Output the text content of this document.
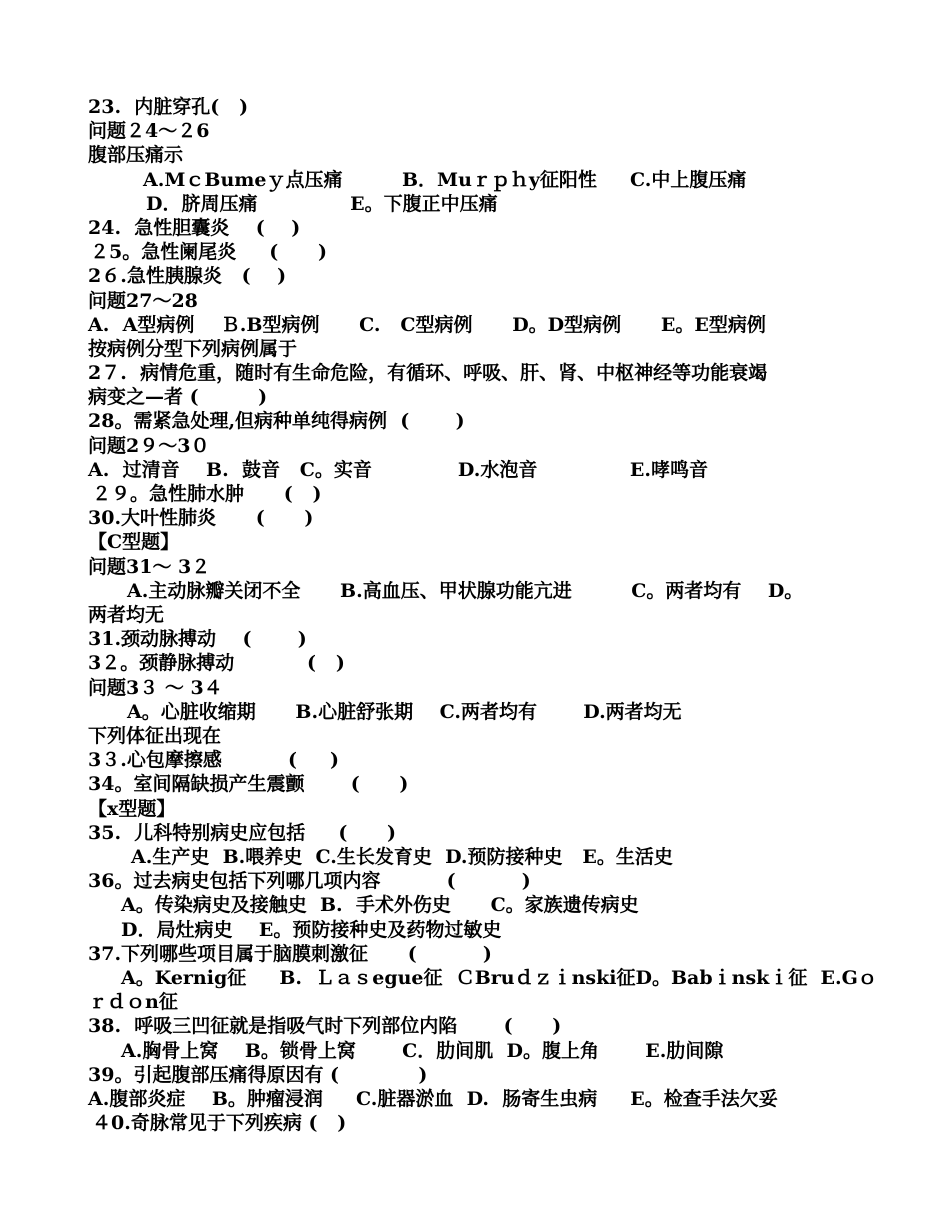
23.  内脏穿孔(   )
问题２4～２6
腹部压痛示
A.MｃBumeｙ点压痛         B．Muｒｐｈy征阳性     C.中上腹压痛
D．脐周压痛              E。下腹正中压痛
24.  急性胆囊炎    (    )
２5。急性阑尾炎     (      )
2６.急性胰腺炎   (    )
问题27～28
A.  A型病例    Ｂ.B型病例      C.   C型病例      D。D型病例      E。E型病例
按病例分型下列病例属于
2７.  病情危重，随时有生命危险，有循环、呼吸、肝、肾、中枢神经等功能衰竭
病变之—者 (         )
28。需紧急处理,但病种单纯得病例  (       )
问题2９～3０
A.  过清音    B.  鼓音   C。实音             D.水泡音              E.哮鸣音
２９。急性肺水肿      (   )
30.大叶性肺炎      (      )
【C型题】
问题31～ 3２
A.主动脉瓣关闭不全      B.高血压、甲状腺功能亢进         C。两者均有    D。
两者均无
31.颈动脉搏动    (       )
3２。颈静脉搏动           (   )
问题3３ ～ 3４
A。心脏收缩期      B.心脏舒张期    C.两者均有       D.两者均无
下列体征出现在
3３.心包摩擦感          (     )
34。室间隔缺损产生震颤       (      )
【x型题】
35.  儿科特别病史应包括     (      )
A.生产史  B.喂养史  C.生长发育史  D.预防接种史   E。生活史
36。过去病史包括下列哪几项内容          (          )
A。传染病史及接触史  B.  手术外伤史      C。家族遗传病史
D．局灶病史    E。预防接种史及药物过敏史
37.下列哪些项目属于脑膜刺激征      (          )
A。Kernig征     B.  Ｌａｓegue征  ＣBruｄｚｉnski征D。Babｉnskｉ征  E.Gｏ
ｒｄｏn征
38.  呼吸三凹征就是指吸气时下列部位内陷       (      )
A.胸骨上窝    B。锁骨上窝       C．肋间肌  D。腹上角       E.肋间隙
39。引起腹部压痛得原因有 (            )
A.腹部炎症    B。肿瘤浸润     C.脏器淤血  D.  肠寄生虫病     E。检查手法欠妥
４0.奇脉常见于下列疾病 (   )
